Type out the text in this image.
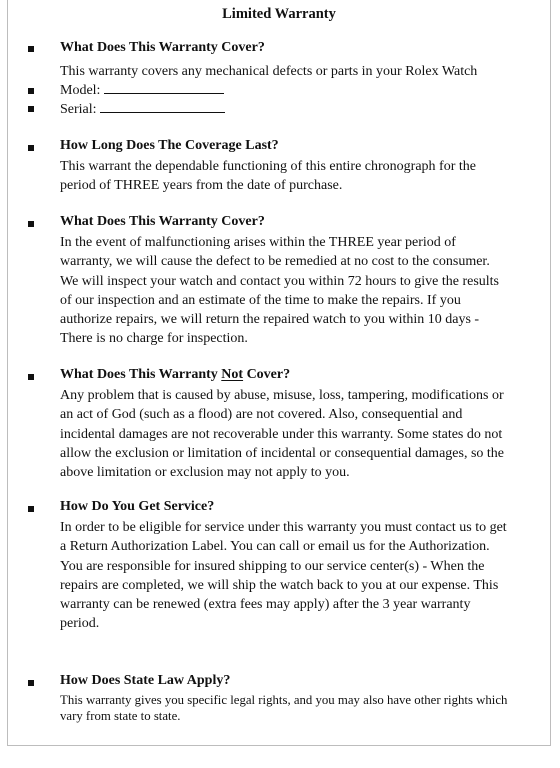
Limited Warranty
What Does This Warranty Cover?
This warranty covers any mechanical defects or parts in your Rolex Watch
Model:
Serial:
How Long Does The Coverage Last?
This warrant the dependable functioning of this entire chronograph for the
period of THREE years from the date of purchase.
What Does This Warranty Cover?
In the event of malfunctioning arises within the THREE year period of
warranty, we will cause the defect to be remedied at no cost to the consumer.
We will inspect your watch and contact you within 72 hours to give the results
of our inspection and an estimate of the time to make the repairs. If you
authorize repairs, we will return the repaired watch to you within 10 days -
There is no charge for inspection.
What Does This Warranty Not Cover?
Any problem that is caused by abuse, misuse, loss, tampering, modifications or
an act of God (such as a flood) are not covered. Also, consequential and
incidental damages are not recoverable under this warranty. Some states do not
allow the exclusion or limitation of incidental or consequential damages, so the
above limitation or exclusion may not apply to you.
How Do You Get Service?
In order to be eligible for service under this warranty you must contact us to get
a Return Authorization Label. You can call or email us for the Authorization.
You are responsible for insured shipping to our service center(s) - When the
repairs are completed, we will ship the watch back to you at our expense. This
warranty can be renewed (extra fees may apply) after the 3 year warranty
period.
How Does State Law Apply?
This warranty gives you specific legal rights, and you may also have other rights which
vary from state to state.
